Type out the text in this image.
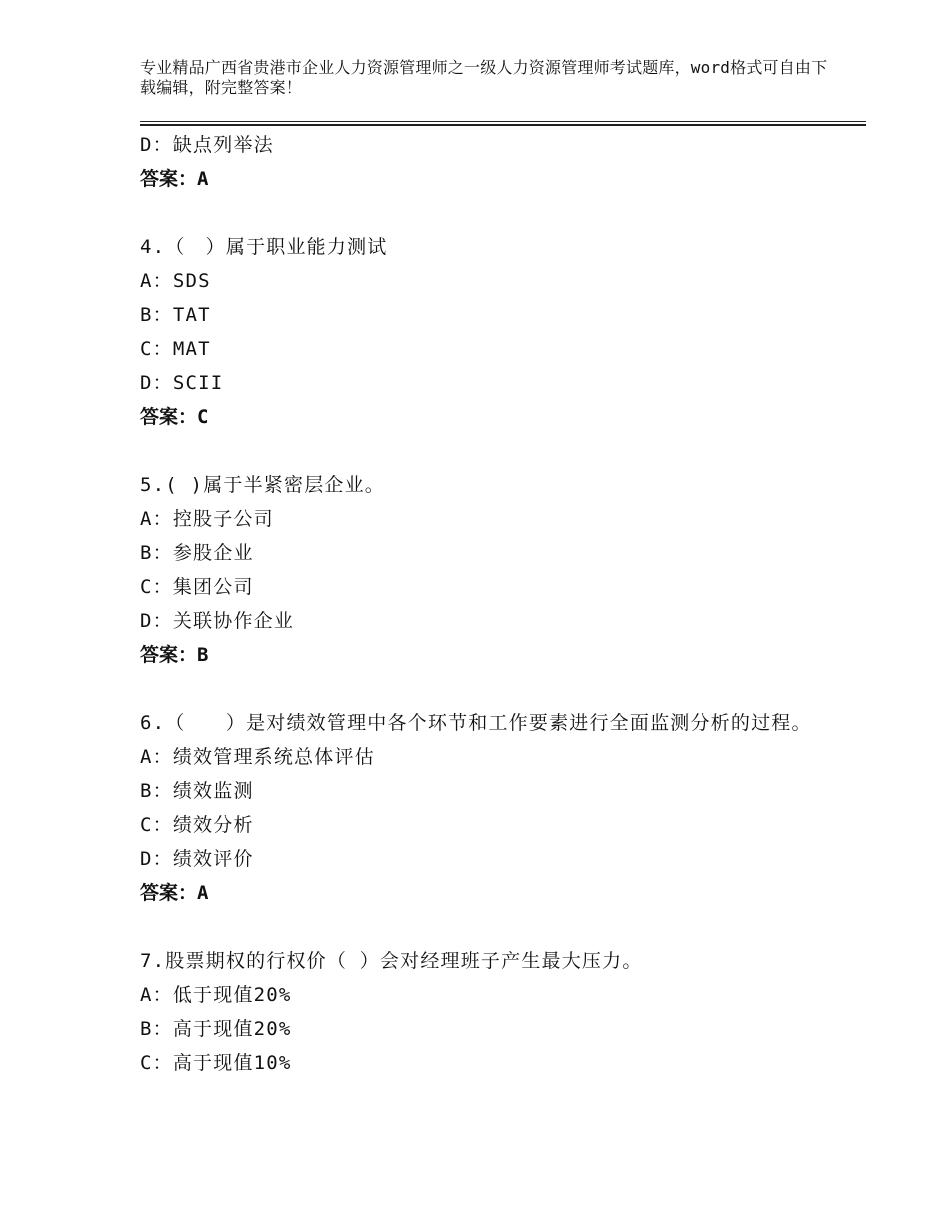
专业精品广西省贵港市企业人力资源管理师之一级人力资源管理师考试题库，word格式可自由下载编辑，附完整答案！
D：缺点列举法
答案：A
4.（　）属于职业能力测试
A：SDS
B：TAT
C：MAT
D：SCII
答案：C
5.( )属于半紧密层企业。
A：控股子公司
B：参股企业
C：集团公司
D：关联协作企业
答案：B
6.（　　）是对绩效管理中各个环节和工作要素进行全面监测分析的过程。
A：绩效管理系统总体评估
B：绩效监测
C：绩效分析
D：绩效评价
答案：A
7.股票期权的行权价（ ）会对经理班子产生最大压力。
A：低于现值20%
B：高于现值20%
C：高于现值10%
